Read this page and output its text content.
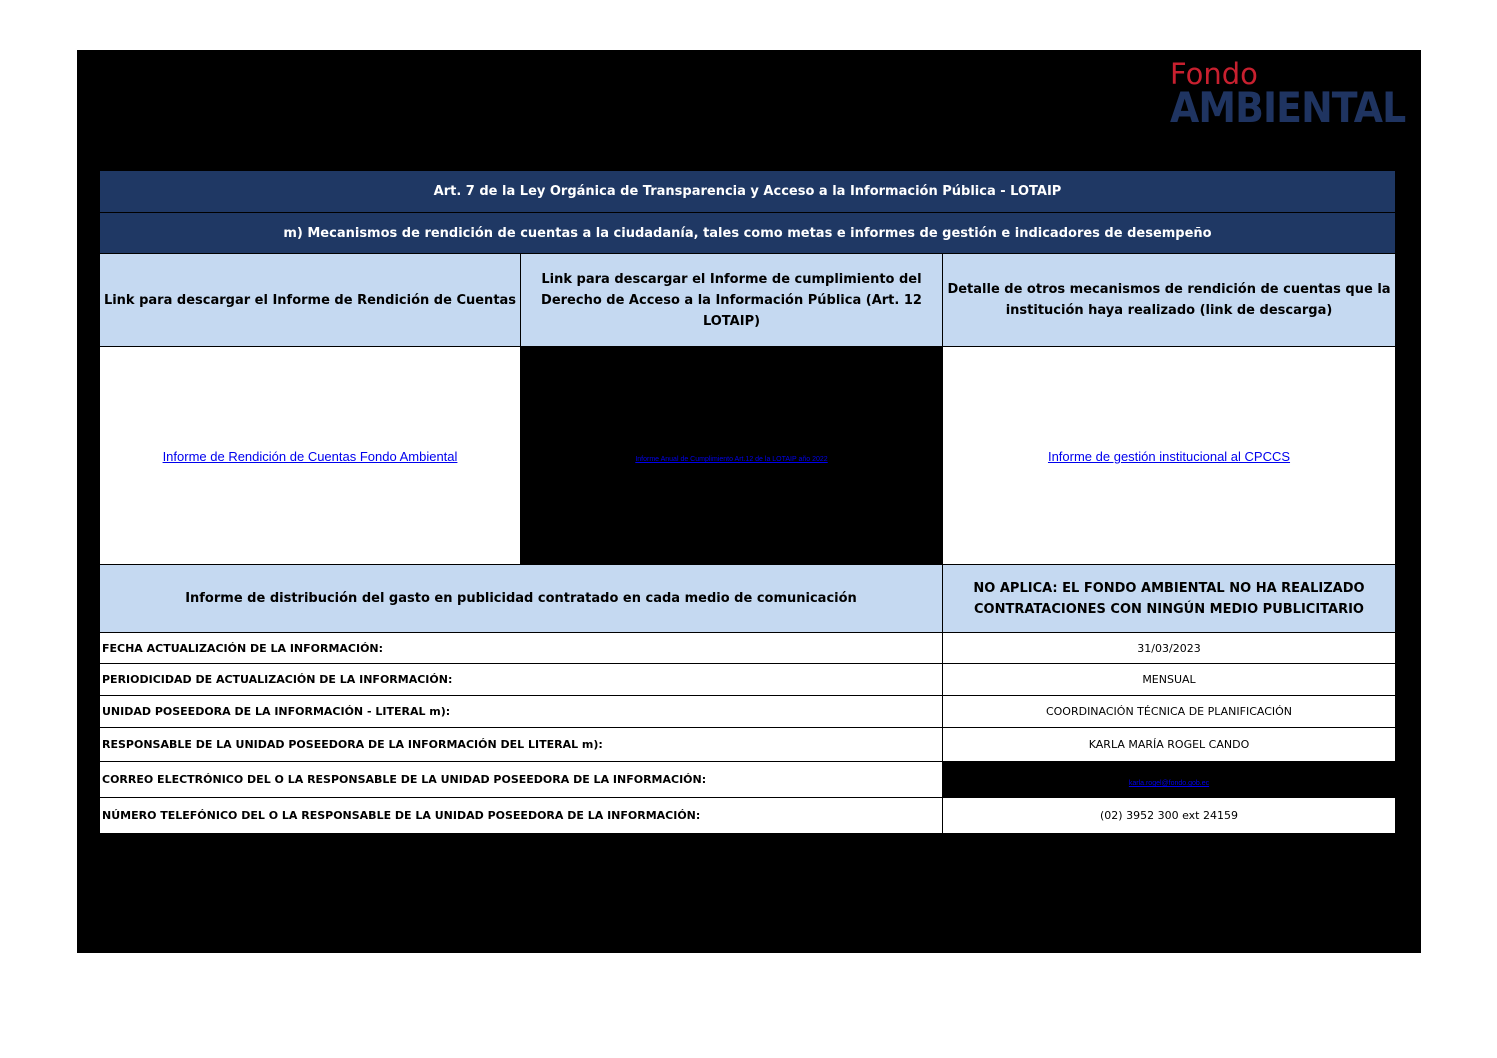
Fondo
AMBIENTAL
Art. 7 de la Ley Orgánica de Transparencia y Acceso a la Información Pública - LOTAIP		
m) Mecanismos de rendición de cuentas a la ciudadanía, tales como metas e informes de gestión e indicadores de desempeño		
Link para descargar el Informe de Rendición de Cuentas	Link para descargar el Informe de cumplimiento del Derecho de Acceso a la Información Pública (Art. 12 LOTAIP)	Detalle de otros mecanismos de rendición de cuentas que la institución haya realizado (link de descarga)
Informe de Rendición de Cuentas Fondo Ambiental	Informe Anual de Cumplimiento Art.12 de la LOTAIP año 2022	Informe de gestión institucional al CPCCS
Informe de distribución del gasto en publicidad contratado en cada medio de comunicación		NO APLICA: EL FONDO AMBIENTAL NO HA REALIZADO CONTRATACIONES CON NINGÚN MEDIO PUBLICITARIO
FECHA ACTUALIZACIÓN DE LA INFORMACIÓN:		31/03/2023
PERIODICIDAD DE ACTUALIZACIÓN DE LA INFORMACIÓN:		MENSUAL
UNIDAD POSEEDORA DE LA INFORMACIÓN - LITERAL m):		COORDINACIÓN TÉCNICA DE PLANIFICACIÓN
RESPONSABLE DE LA UNIDAD POSEEDORA DE LA INFORMACIÓN DEL LITERAL m):		KARLA MARÍA ROGEL CANDO
CORREO ELECTRÓNICO DEL O LA RESPONSABLE DE LA UNIDAD POSEEDORA DE LA INFORMACIÓN:		karla.rogel@fondo.gob.ec
NÚMERO TELEFÓNICO DEL O LA RESPONSABLE DE LA UNIDAD POSEEDORA DE LA INFORMACIÓN:		(02) 3952 300 ext 24159
